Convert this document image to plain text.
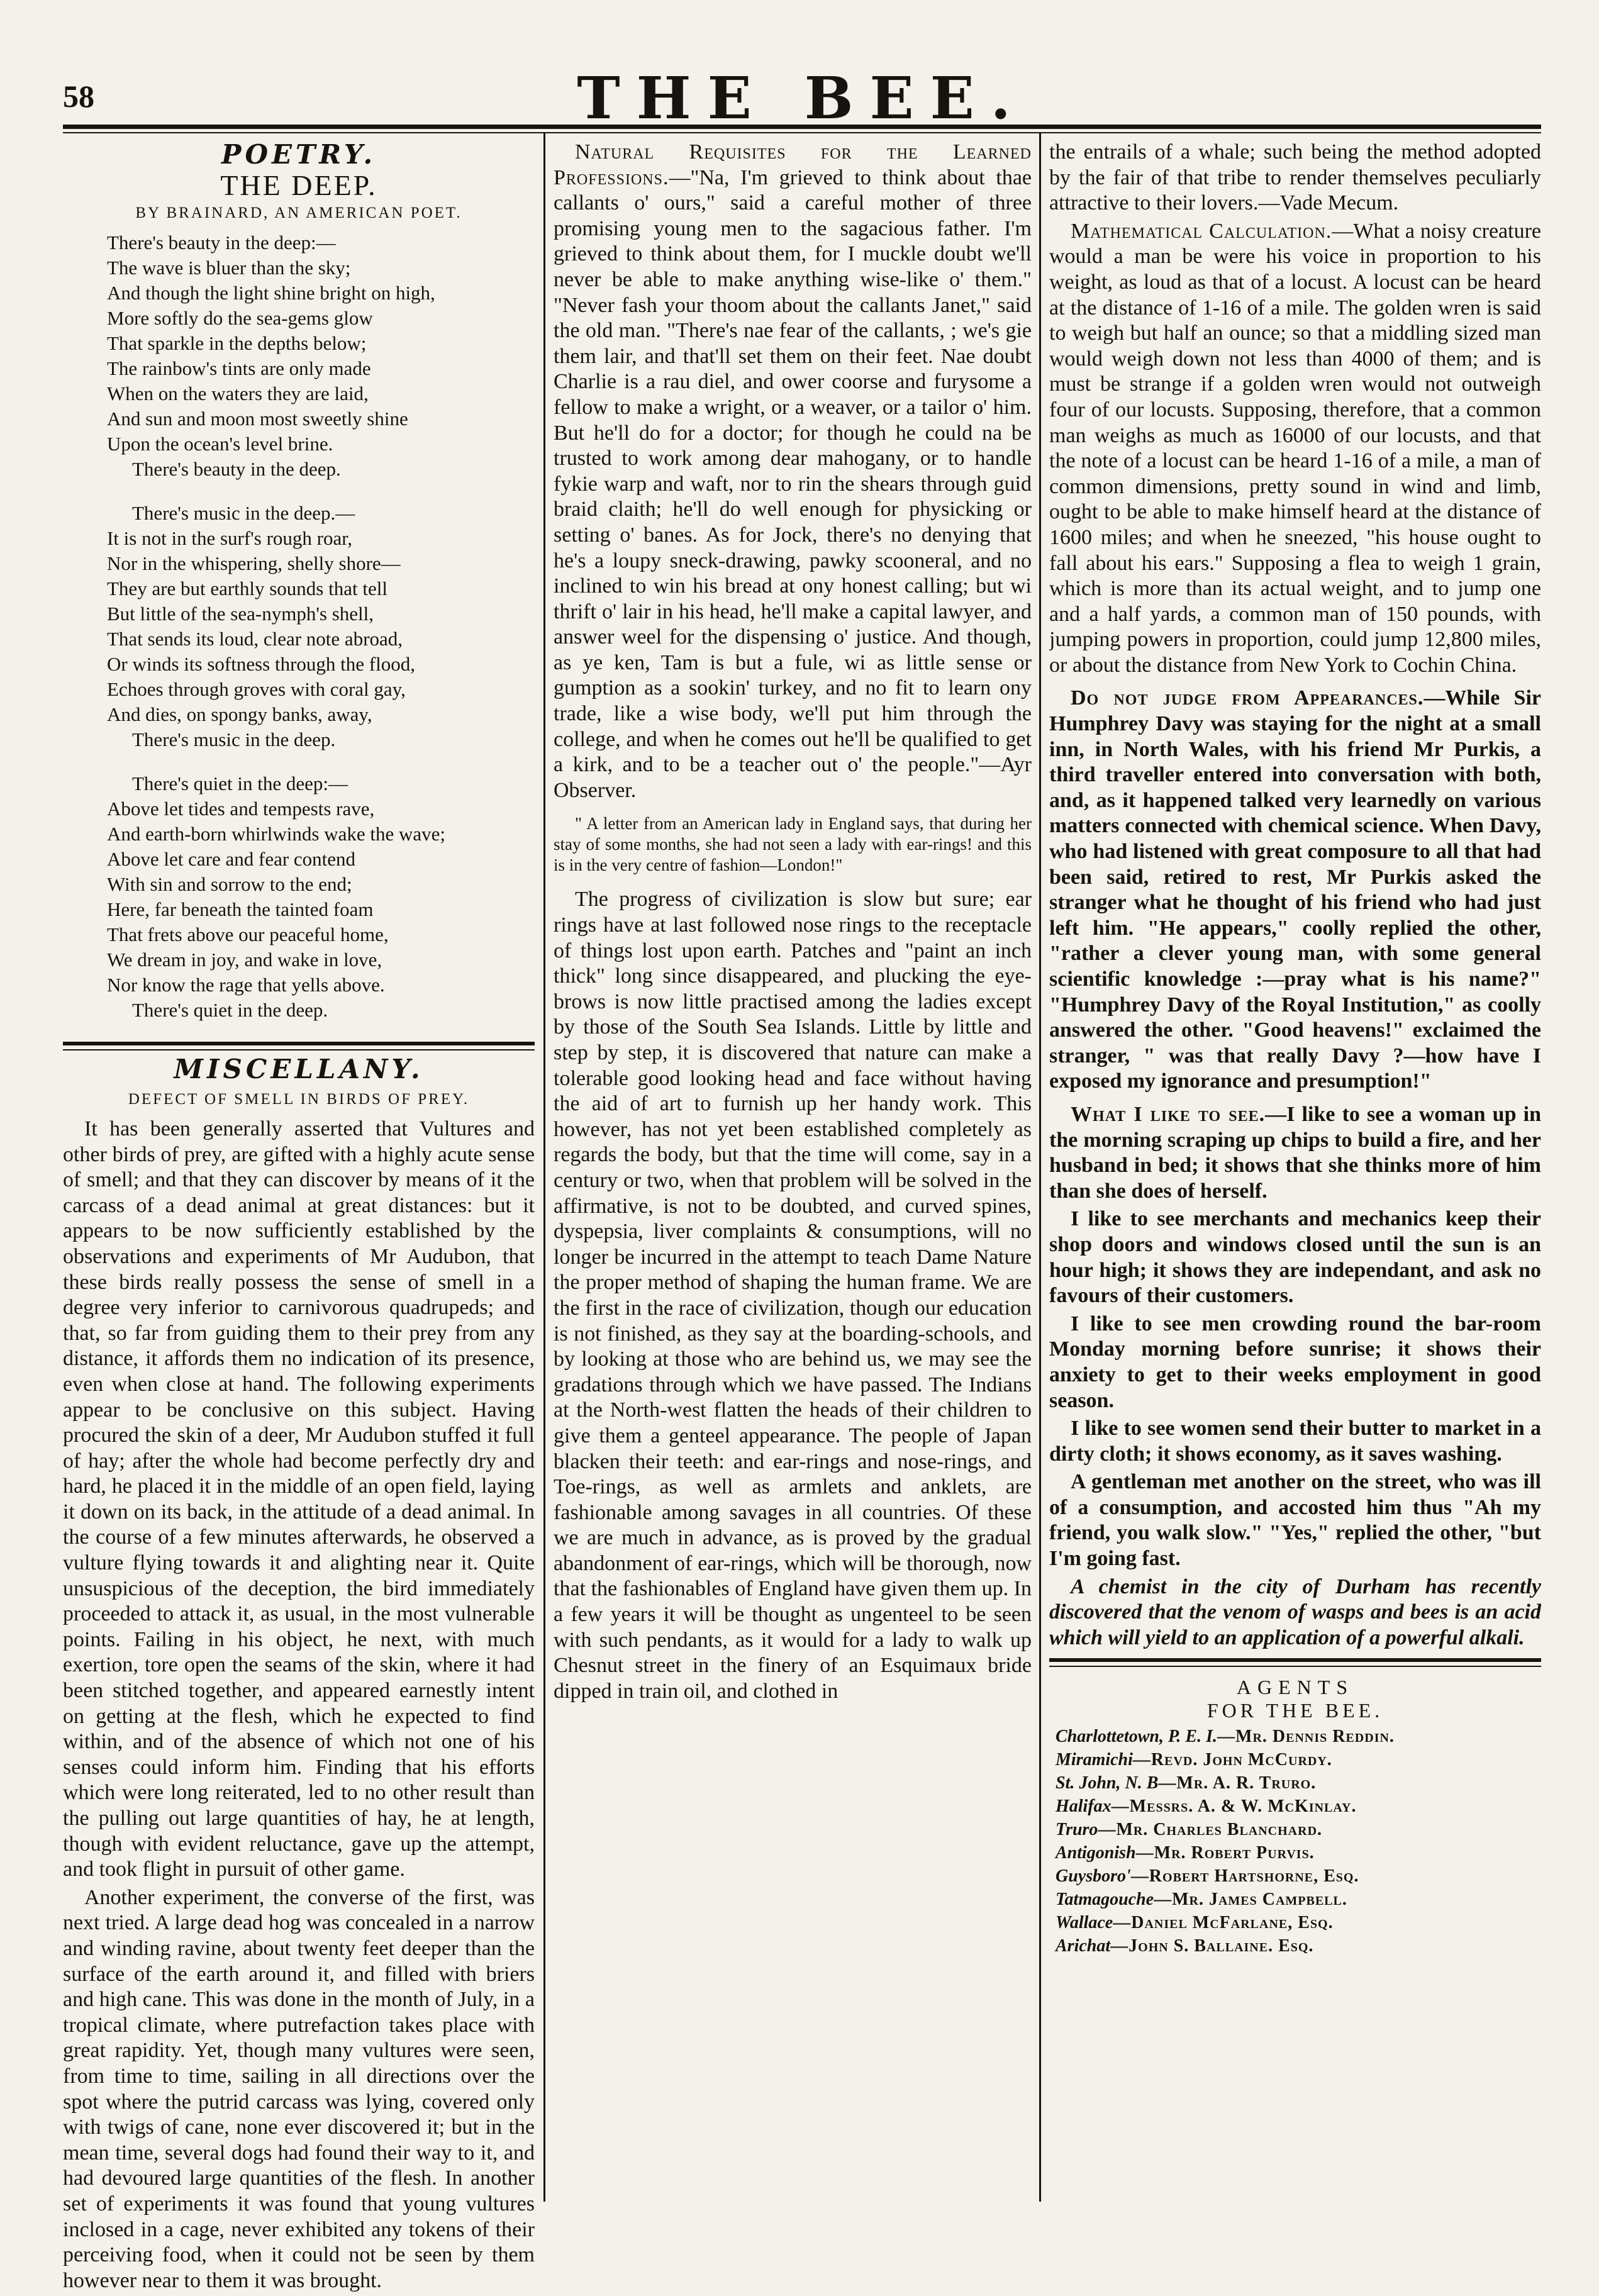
58	THE BEE.
POETRY.
THE DEEP.
BY BRAINARD, AN AMERICAN POET.
There's beauty in the deep:—
The wave is bluer than the sky;
And though the light shine bright on high,
More softly do the sea-gems glow
That sparkle in the depths below;
The rainbow's tints are only made
When on the waters they are laid,
And sun and moon most sweetly shine
Upon the ocean's level brine.
There's beauty in the deep.
There's music in the deep.—
It is not in the surf's rough roar,
Nor in the whispering, shelly shore—
They are but earthly sounds that tell
But little of the sea-nymph's shell,
That sends its loud, clear note abroad,
Or winds its softness through the flood,
Echoes through groves with coral gay,
And dies, on spongy banks, away,
There's music in the deep.
There's quiet in the deep:—
Above let tides and tempests rave,
And earth-born whirlwinds wake the wave;
Above let care and fear contend
With sin and sorrow to the end;
Here, far beneath the tainted foam
That frets above our peaceful home,
We dream in joy, and wake in love,
Nor know the rage that yells above.
There's quiet in the deep.
MISCELLANY.
DEFECT OF SMELL IN BIRDS OF PREY.

It has been generally asserted that Vultures and other birds of prey, are gifted with a highly acute sense of smell; and that they can discover by means of it the carcass of a dead animal at great distances: but it appears to be now sufficiently established by the observations and experiments of Mr Audubon, that these birds really possess the sense of smell in a degree very inferior to carnivorous quadrupeds; and that, so far from guiding them to their prey from any distance, it affords them no indication of its presence, even when close at hand. The following experiments appear to be conclusive on this subject. Having procured the skin of a deer, Mr Audubon stuffed it full of hay; after the whole had become perfectly dry and hard, he placed it in the middle of an open field, laying it down on its back, in the attitude of a dead animal. In the course of a few minutes afterwards, he observed a vulture flying towards it and alighting near it. Quite unsuspicious of the deception, the bird immediately proceeded to attack it, as usual, in the most vulnerable points. Failing in his object, he next, with much exertion, tore open the seams of the skin, where it had been stitched together, and appeared earnestly intent on getting at the flesh, which he expected to find within, and of the absence of which not one of his senses could inform him. Finding that his efforts which were long reiterated, led to no other result than the pulling out large quantities of hay, he at length, though with evident reluctance, gave up the attempt, and took flight in pursuit of other game.

Another experiment, the converse of the first, was next tried. A large dead hog was concealed in a narrow and winding ravine, about twenty feet deeper than the surface of the earth around it, and filled with briers and high cane. This was done in the month of July, in a tropical climate, where putrefaction takes place with great rapidity. Yet, though many vultures were seen, from time to time, sailing in all directions over the spot where the putrid carcass was lying, covered only with twigs of cane, none ever discovered it; but in the mean time, several dogs had found their way to it, and had devoured large quantities of the flesh. In another set of experiments it was found that young vultures inclosed in a cage, never exhibited any tokens of their perceiving food, when it could not be seen by them however near to them it was brought.

Natural Requisites for the Learned Professions.—"Na, I'm grieved to think about thae callants o' ours," said a careful mother of three promising young men to the sagacious father. I'm grieved to think about them, for I muckle doubt we'll never be able to make anything wise-like o' them." "Never fash your thoom about the callants Janet," said the old man. "There's nae fear of the callants, ; we's gie them lair, and that'll set them on their feet. Nae doubt Charlie is a rau diel, and ower coorse and furysome a fellow to make a wright, or a weaver, or a tailor o' him. But he'll do for a doctor; for though he could na be trusted to work among dear mahogany, or to handle fykie warp and waft, nor to rin the shears through guid braid claith; he'll do well enough for physicking or setting o' banes. As for Jock, there's no denying that he's a loupy sneck-drawing, pawky scooneral, and no inclined to win his bread at ony honest calling; but wi thrift o' lair in his head, he'll make a capital lawyer, and answer weel for the dispensing o' justice. And though, as ye ken, Tam is but a fule, wi as little sense or gumption as a sookin' turkey, and no fit to learn ony trade, like a wise body, we'll put him through the college, and when he comes out he'll be qualified to get a kirk, and to be a teacher out o' the people."—Ayr Observer.

" A letter from an American lady in England says, that during her stay of some months, she had not seen a lady with ear-rings! and this is in the very centre of fashion—London!"

The progress of civilization is slow but sure; ear rings have at last followed nose rings to the receptacle of things lost upon earth. Patches and "paint an inch thick" long since disappeared, and plucking the eye-brows is now little practised among the ladies except by those of the South Sea Islands. Little by little and step by step, it is discovered that nature can make a tolerable good looking head and face without having the aid of art to furnish up her handy work. This however, has not yet been established completely as regards the body, but that the time will come, say in a century or two, when that problem will be solved in the affirmative, is not to be doubted, and curved spines, dyspepsia, liver complaints & consumptions, will no longer be incurred in the attempt to teach Dame Nature the proper method of shaping the human frame. We are the first in the race of civilization, though our education is not finished, as they say at the boarding-schools, and by looking at those who are behind us, we may see the gradations through which we have passed. The Indians at the North-west flatten the heads of their children to give them a genteel appearance. The people of Japan blacken their teeth: and ear-rings and nose-rings, and Toe-rings, as well as armlets and anklets, are fashionable among savages in all countries. Of these we are much in advance, as is proved by the gradual abandonment of ear-rings, which will be thorough, now that the fashionables of England have given them up. In a few years it will be thought as ungenteel to be seen with such pendants, as it would for a lady to walk up Chesnut street in the finery of an Esquimaux bride dipped in train oil, and clothed in

the entrails of a whale; such being the method adopted by the fair of that tribe to render themselves peculiarly attractive to their lovers.—Vade Mecum.

Mathematical Calculation.—What a noisy creature would a man be were his voice in proportion to his weight, as loud as that of a locust. A locust can be heard at the distance of 1-16 of a mile. The golden wren is said to weigh but half an ounce; so that a middling sized man would weigh down not less than 4000 of them; and is must be strange if a golden wren would not outweigh four of our locusts. Supposing, therefore, that a common man weighs as much as 16000 of our locusts, and that the note of a locust can be heard 1-16 of a mile, a man of common dimensions, pretty sound in wind and limb, ought to be able to make himself heard at the distance of 1600 miles; and when he sneezed, "his house ought to fall about his ears." Supposing a flea to weigh 1 grain, which is more than its actual weight, and to jump one and a half yards, a common man of 150 pounds, with jumping powers in proportion, could jump 12,800 miles, or about the distance from New York to Cochin China.

Do not judge from Appearances.—While Sir Humphrey Davy was staying for the night at a small inn, in North Wales, with his friend Mr Purkis, a third traveller entered into conversation with both, and, as it happened talked very learnedly on various matters connected with chemical science. When Davy, who had listened with great composure to all that had been said, retired to rest, Mr Purkis asked the stranger what he thought of his friend who had just left him. "He appears," coolly replied the other, "rather a clever young man, with some general scientific knowledge :—pray what is his name?" "Humphrey Davy of the Royal Institution," as coolly answered the other. "Good heavens!" exclaimed the stranger, " was that really Davy ?—how have I exposed my ignorance and presumption!"

What I like to see.—I like to see a woman up in the morning scraping up chips to build a fire, and her husband in bed; it shows that she thinks more of him than she does of herself.

I like to see merchants and mechanics keep their shop doors and windows closed until the sun is an hour high; it shows they are independant, and ask no favours of their customers.

I like to see men crowding round the bar-room Monday morning before sunrise; it shows their anxiety to get to their weeks employment in good season.

I like to see women send their butter to market in a dirty cloth; it shows economy, as it saves washing.

A gentleman met another on the street, who was ill of a consumption, and accosted him thus "Ah my friend, you walk slow." "Yes," replied the other, "but I'm going fast.

A chemist in the city of Durham has recently discovered that the venom of wasps and bees is an acid which will yield to an application of a powerful alkali.

AGENTS
FOR THE BEE.
Charlottetown, P. E. I.—Mr. Dennis Reddin.
Miramichi—Revd. John McCurdy.
St. John, N. B—Mr. A. R. Truro.
Halifax—Messrs. A. & W. McKinlay.
Truro—Mr. Charles Blanchard.
Antigonish—Mr. Robert Purvis.
Guysboro'—Robert Hartshorne, Esq.
Tatmagouche—Mr. James Campbell.
Wallace—Daniel McFarlane, Esq.
Arichat—John S. Ballaine. Esq.
